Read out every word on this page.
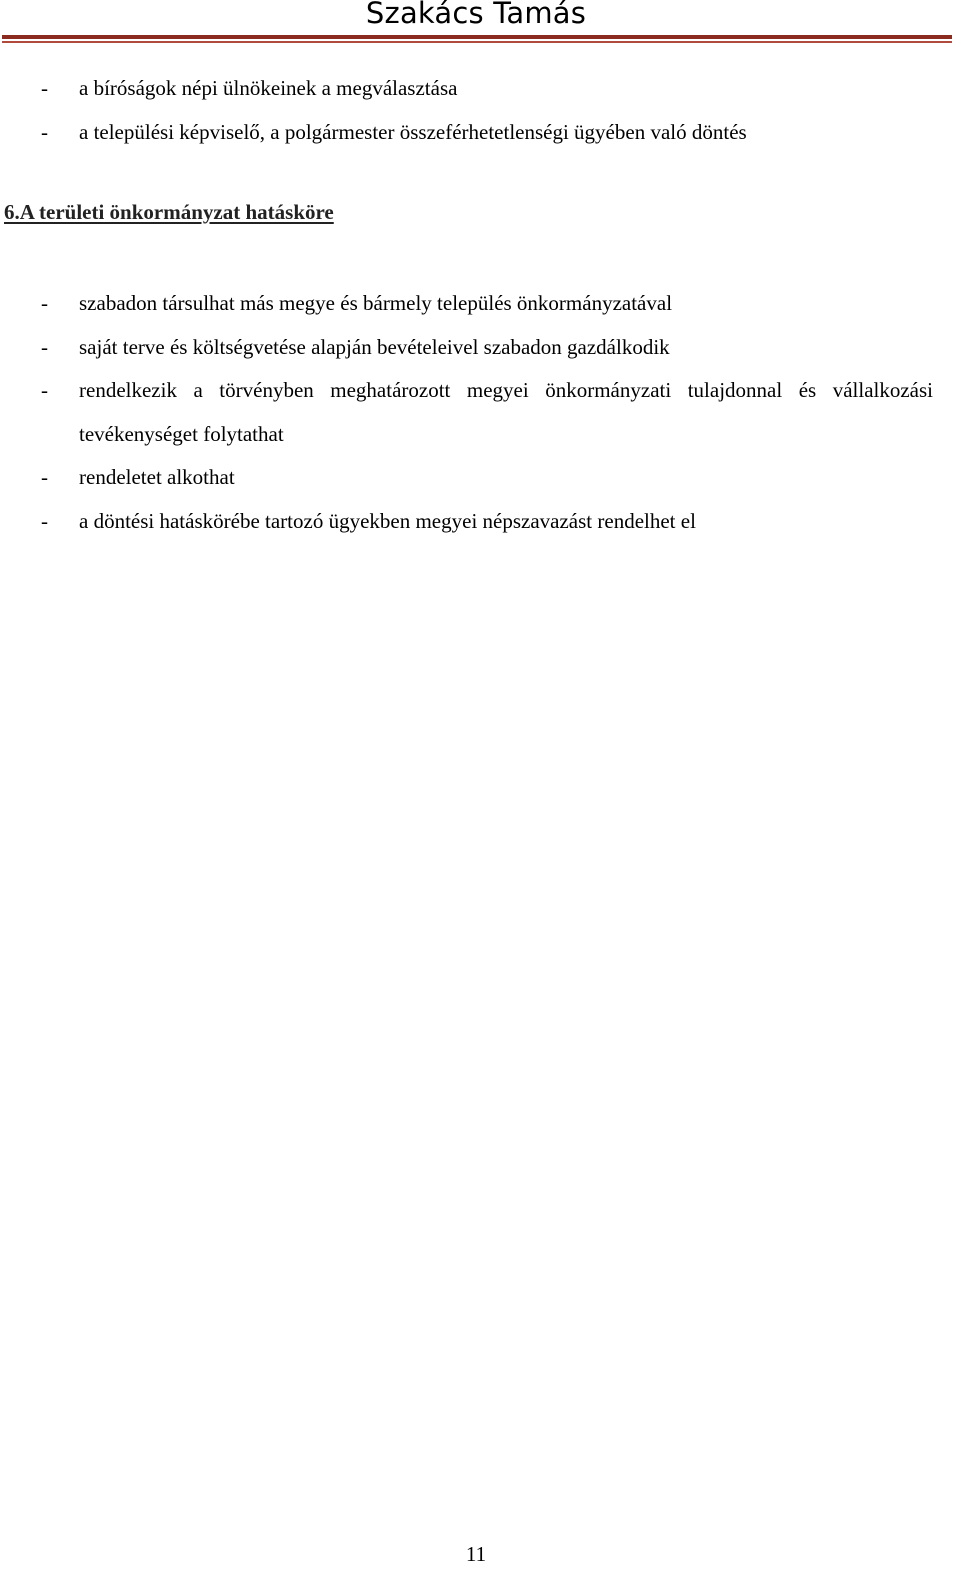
Szakács Tamás
- a bíróságok népi ülnökeinek a megválasztása
- a települési képviselő, a polgármester összeférhetetlenségi ügyében való döntés
6.A területi önkormányzat hatásköre
- szabadon társulhat más megye és bármely település önkormányzatával
- saját terve és költségvetése alapján bevételeivel szabadon gazdálkodik
- rendelkezik a törvényben meghatározott megyei önkormányzati tulajdonnal és vállalkozási tevékenységet folytathat
- rendeletet alkothat
- a döntési hatáskörébe tartozó ügyekben megyei népszavazást rendelhet el
11
